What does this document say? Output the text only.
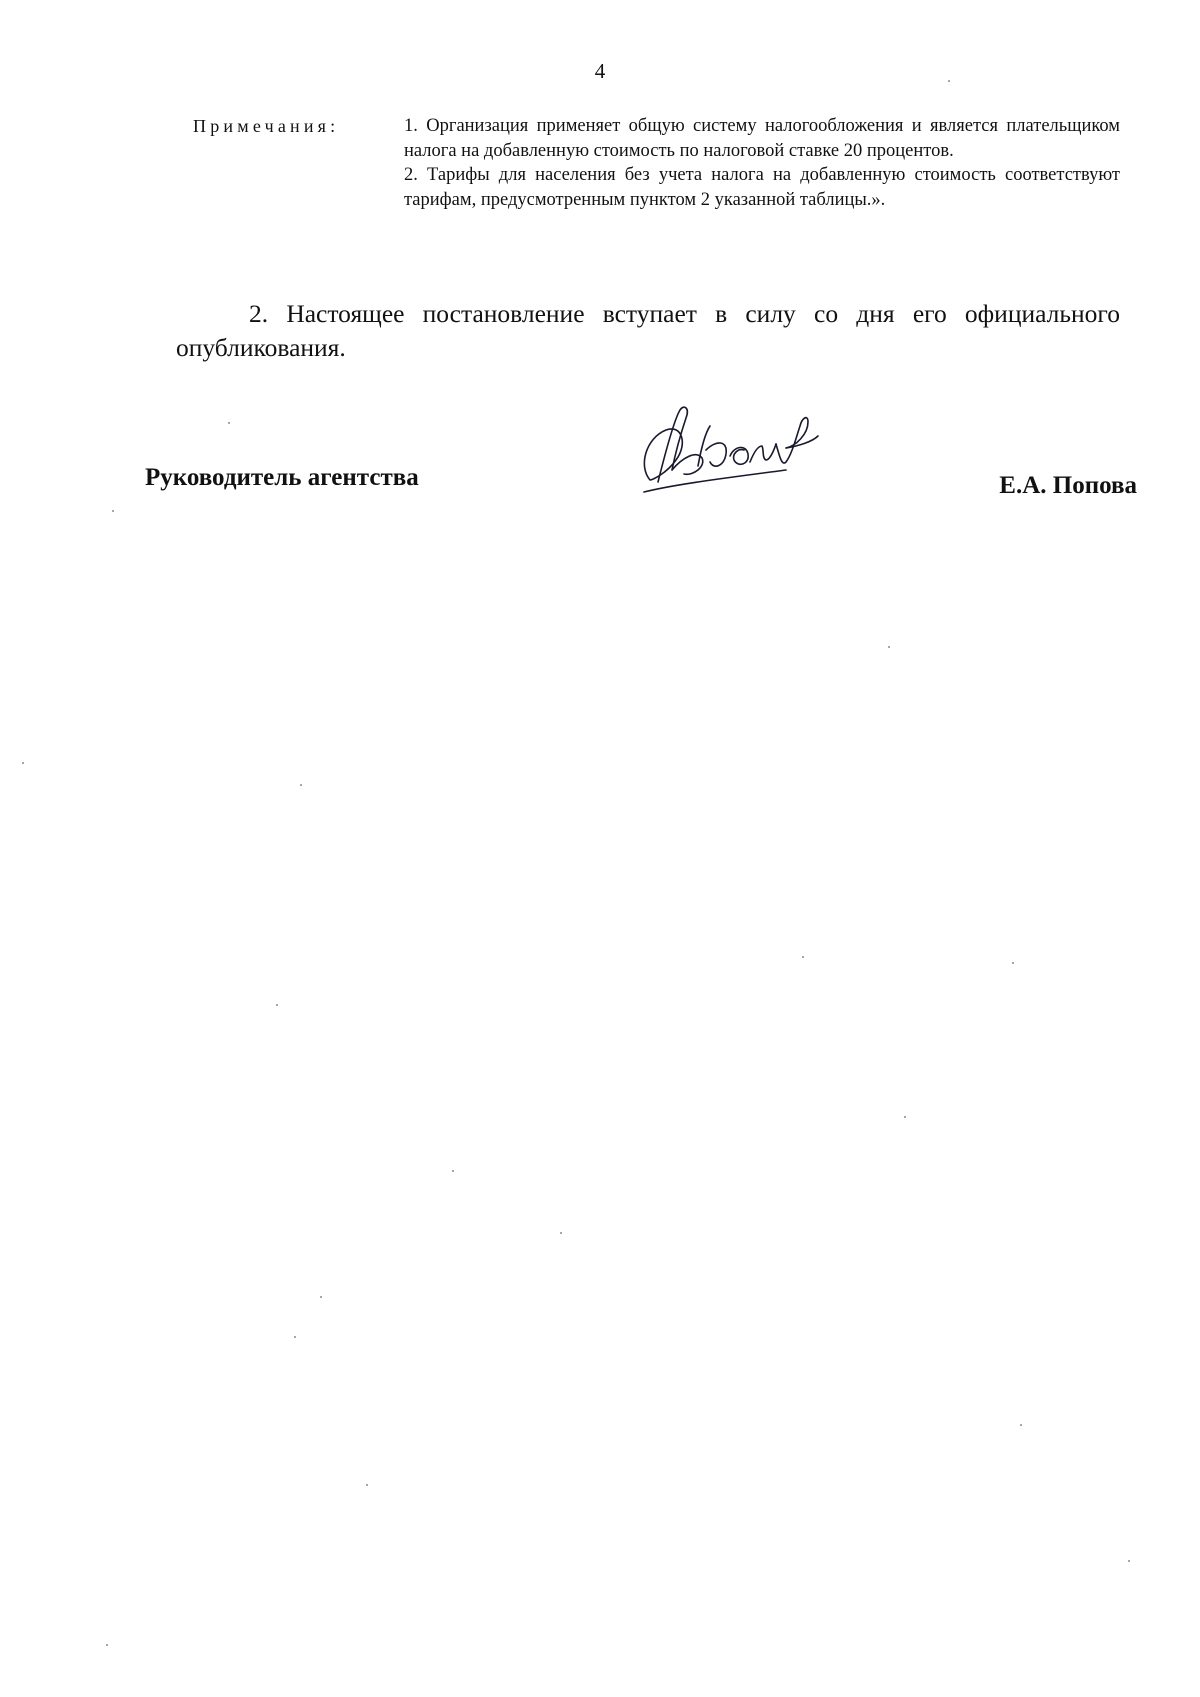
4
Примечания:	1. Организация применяет общую систему налогообложения и является плательщиком налога на добавленную стоимость по налоговой ставке 20 процентов.

2. Тарифы для населения без учета налога на добавленную стоимость соответствуют тарифам, предусмотренным пунктом 2 указанной таблицы.».

2. Настоящее постановление вступает в силу со дня его официального опубликования.

Руководитель агентства	Е.А. Попова
